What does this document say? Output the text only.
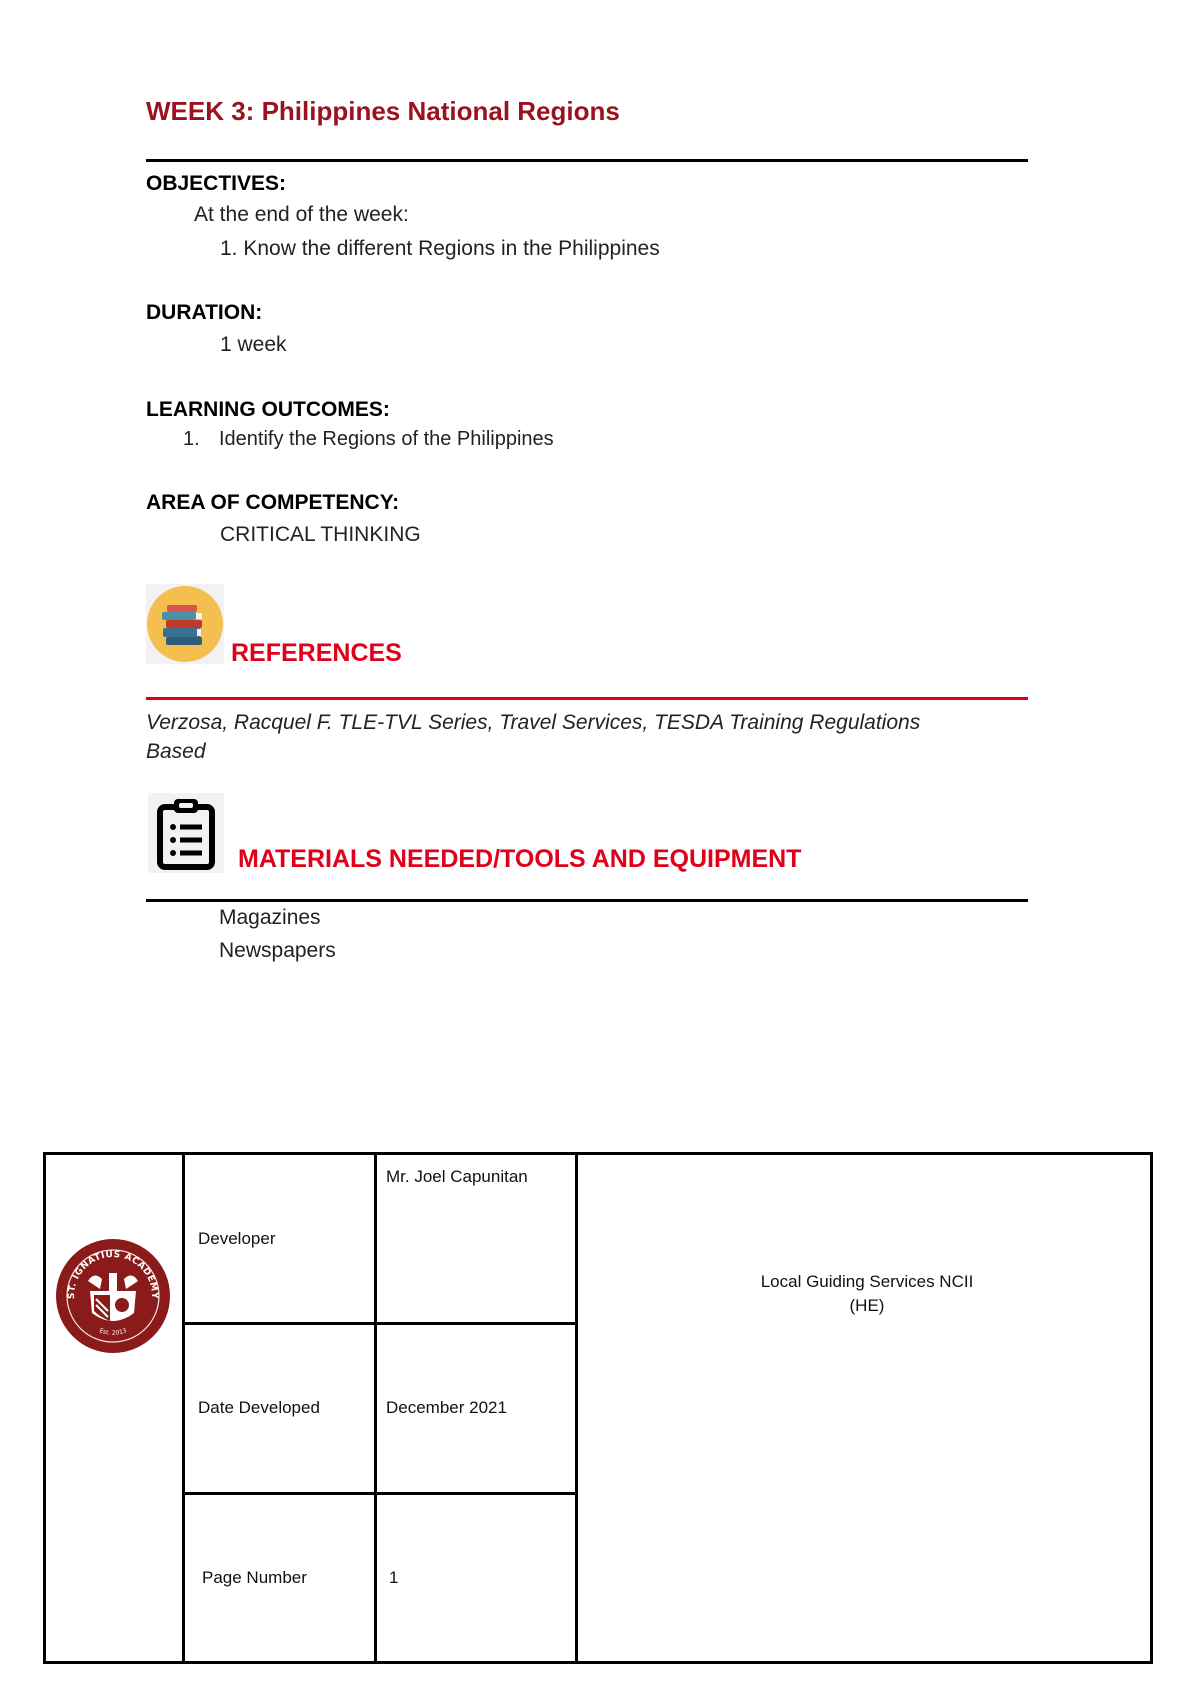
WEEK 3: Philippines National Regions
OBJECTIVES:
At the end of the week:
1. Know the different Regions in the Philippines
DURATION:
1 week
LEARNING OUTCOMES:
1. Identify the Regions of the Philippines
AREA OF COMPETENCY:
CRITICAL THINKING
REFERENCES
Verzosa, Racquel F. TLE-TVL Series, Travel Services, TESDA Training Regulations
Based
MATERIALS NEEDED/TOOLS AND EQUIPMENT
Magazines
Newspapers
Developer
Mr. Joel Capunitan
Date Developed	December 2021
Page Number	1
Local Guiding Services NCII
(HE)
ST. IGNATIUS ACADEMY
Est. 2013
